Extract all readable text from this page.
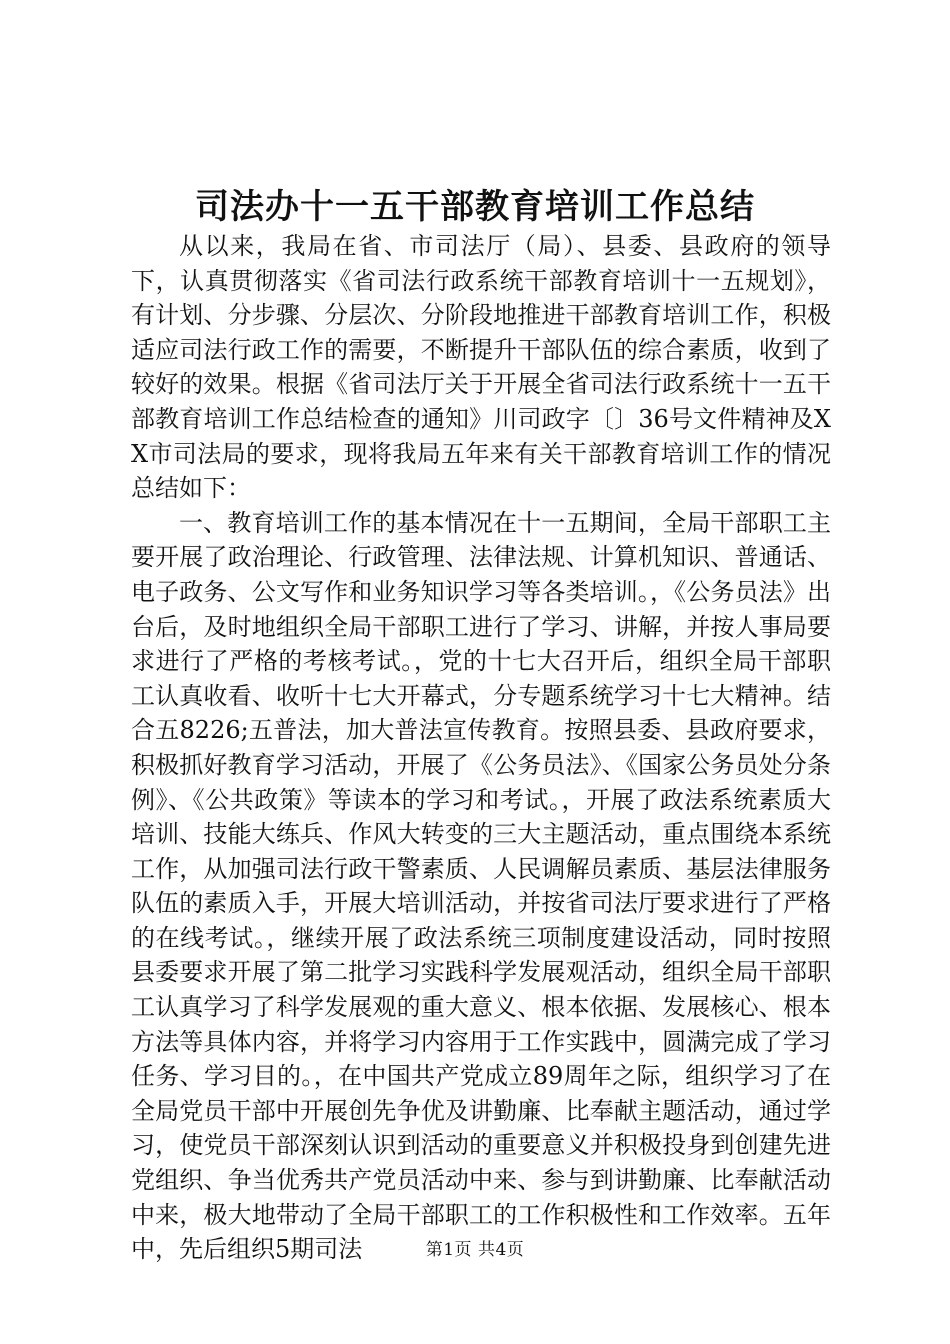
司法办十一五干部教育培训工作总结

从以来，我局在省、市司法厅（局）、县委、县政府的领导下，认真贯彻落实《省司法行政系统干部教育培训十一五规划》，有计划、分步骤、分层次、分阶段地推进干部教育培训工作，积极适应司法行政工作的需要，不断提升干部队伍的综合素质，收到了较好的效果。根据《省司法厅关于开展全省司法行政系统十一五干部教育培训工作总结检查的通知》川司政字〔〕36号文件精神及XX市司法局的要求，现将我局五年来有关干部教育培训工作的情况总结如下：

一、教育培训工作的基本情况在十一五期间，全局干部职工主要开展了政治理论、行政管理、法律法规、计算机知识、普通话、电子政务、公文写作和业务知识学习等各类培训。，《公务员法》出台后，及时地组织全局干部职工进行了学习、讲解，并按人事局要求进行了严格的考核考试。，党的十七大召开后，组织全局干部职工认真收看、收听十七大开幕式，分专题系统学习十七大精神。结合五8226;五普法，加大普法宣传教育。按照县委、县政府要求，积极抓好教育学习活动，开展了《公务员法》、《国家公务员处分条例》、《公共政策》等读本的学习和考试。，开展了政法系统素质大培训、技能大练兵、作风大转变的三大主题活动，重点围绕本系统工作，从加强司法行政干警素质、人民调解员素质、基层法律服务队伍的素质入手，开展大培训活动，并按省司法厅要求进行了严格的在线考试。，继续开展了政法系统三项制度建设活动，同时按照县委要求开展了第二批学习实践科学发展观活动，组织全局干部职工认真学习了科学发展观的重大意义、根本依据、发展核心、根本方法等具体内容，并将学习内容用于工作实践中，圆满完成了学习任务、学习目的。，在中国共产党成立89周年之际，组织学习了在全局党员干部中开展创先争优及讲勤廉、比奉献主题活动，通过学习，使党员干部深刻认识到活动的重要意义并积极投身到创建先进党组织、争当优秀共产党员活动中来、参与到讲勤廉、比奉献活动中来，极大地带动了全局干部职工的工作积极性和工作效率。五年中，先后组织5期司法	第1页 共4页
